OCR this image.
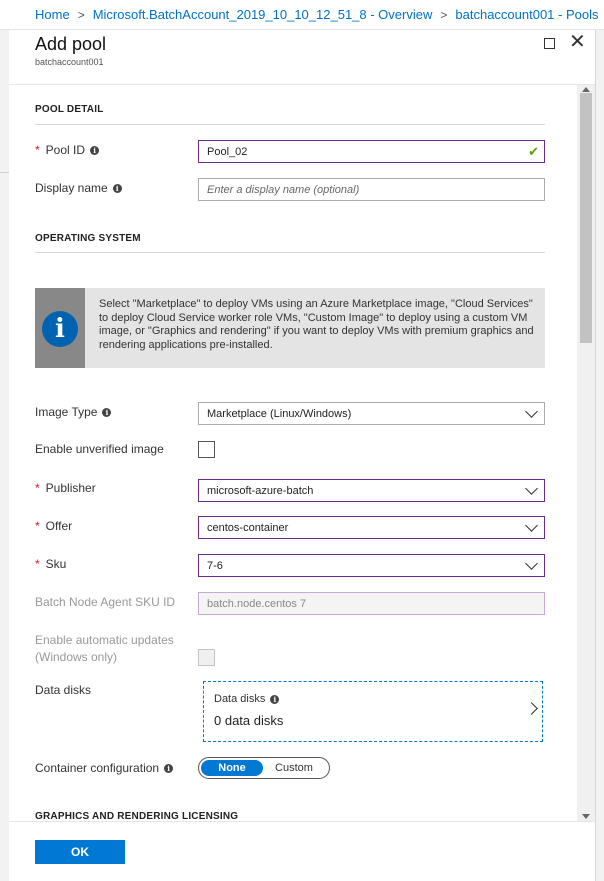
Home > Microsoft.BatchAccount_2019_10_10_12_51_8 - Overview > batchaccount001 - Pools
Add pool
batchaccount001
✕
POOL DETAIL
* Pool ID	i	Pool_02	✔
Display name	i	Enter a display name (optional)
OPERATING SYSTEM
i
Select "Marketplace" to deploy VMs using an Azure Marketplace image, "Cloud Services" to deploy Cloud Service worker role VMs, "Custom Image" to deploy using a custom VM image, or "Graphics and rendering" if you want to deploy VMs with premium graphics and rendering applications pre-installed.
Image Type	i	Marketplace (Linux/Windows)
Enable unverified image
* Publisher	microsoft-azure-batch
* Offer	centos-container
* Sku	7-6
Batch Node Agent SKU ID	batch.node.centos 7
Enable automatic updates
(Windows only)
Data disks
Data disks	i
0 data disks
Container configuration	i	None	Custom
GRAPHICS AND RENDERING LICENSING
OK
